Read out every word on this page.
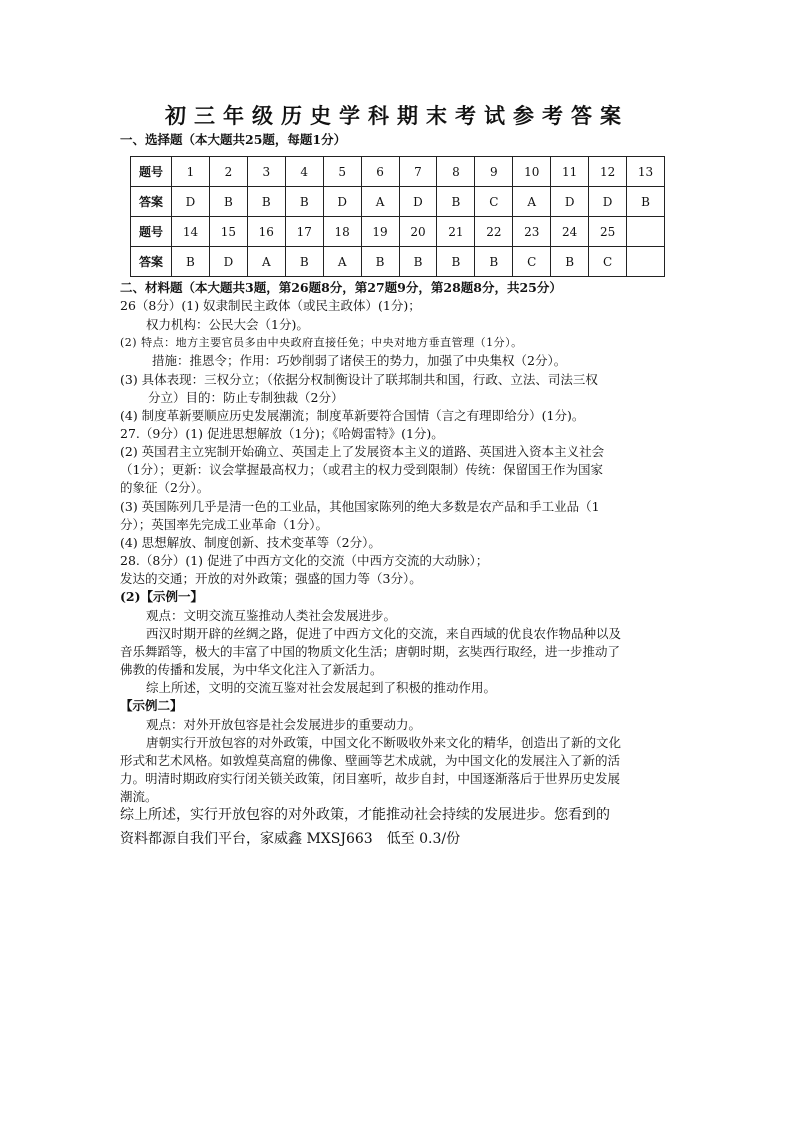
初三年级历史学科期末考试参考答案
一、选择题（本大题共25题，每题1分）
题号	1	2	3	4	5	6	7	8	9	10	11	12	13
答案	D	B	B	B	D	A	D	B	C	A	D	D	B
题号	14	15	16	17	18	19	20	21	22	23	24	25	
答案	B	D	A	B	A	B	B	B	B	C	B	C	
二、材料题（本大题共3题，第26题8分，第27题9分，第28题8分，共25分）
26（8分）(1) 奴隶制民主政体（或民主政体）(1分)；
权力机构：公民大会（1分)。
(2) 特点：地方主要官员多由中央政府直接任免；中央对地方垂直管理（1分）。
措施：推恩令；作用：巧妙削弱了诸侯王的势力，加强了中央集权（2分）。
(3) 具体表现：三权分立；（依据分权制衡设计了联邦制共和国，行政、立法、司法三权
分立）目的：防止专制独裁（2分）
(4) 制度革新要顺应历史发展潮流；制度革新要符合国情（言之有理即给分）(1分)。
27.（9分）(1) 促进思想解放（1分)；《哈姆雷特》(1分)。
(2) 英国君主立宪制开始确立、英国走上了发展资本主义的道路、英国进入资本主义社会
（1分）；更新：议会掌握最高权力；（或君主的权力受到限制）传统：保留国王作为国家
的象征（2分）。
(3) 英国陈列几乎是清一色的工业品，其他国家陈列的绝大多数是农产品和手工业品（1
分）；英国率先完成工业革命（1分）。
(4) 思想解放、制度创新、技术变革等（2分）。
28.（8分）(1) 促进了中西方文化的交流（中西方交流的大动脉）；
发达的交通；开放的对外政策；强盛的国力等（3分）。
(2)【示例一】
观点：文明交流互鉴推动人类社会发展进步。
西汉时期开辟的丝绸之路，促进了中西方文化的交流，来自西域的优良农作物品种以及
音乐舞蹈等，极大的丰富了中国的物质文化生活；唐朝时期，玄奘西行取经，进一步推动了
佛教的传播和发展，为中华文化注入了新活力。
综上所述，文明的交流互鉴对社会发展起到了积极的推动作用。
【示例二】
观点：对外开放包容是社会发展进步的重要动力。
唐朝实行开放包容的对外政策，中国文化不断吸收外来文化的精华，创造出了新的文化
形式和艺术风格。如敦煌莫高窟的佛像、壁画等艺术成就，为中国文化的发展注入了新的活
力。明清时期政府实行闭关锁关政策，闭目塞听，故步自封，中国逐渐落后于世界历史发展
潮流。
综上所述，实行开放包容的对外政策，才能推动社会持续的发展进步。您看到的
资料都源自我们平台，家威鑫 MXSJ663　低至 0.3/份
